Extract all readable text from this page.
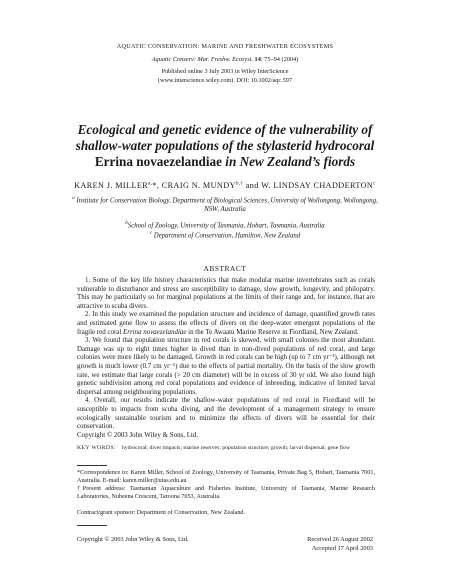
AQUATIC CONSERVATION: MARINE AND FRESHWATER ECOSYSTEMS
Aquatic Conserv: Mar. Freshw. Ecosyst. 14: 75–94 (2004)
Published online 3 July 2003 in Wiley InterScience
(www.interscience.wiley.com). DOI: 10.1002/aqc.597
Ecological and genetic evidence of the vulnerability of
shallow-water populations of the stylasterid hydrocoral
Errina novaezelandiae in New Zealand’s fiords
KAREN J. $MILLER^{a,}*$, CRAIG N. $MUNDY^{b,\dagger}$ and W. LINDSAY CHADDERTON$^c$
$^a$ Institute for Conservation Biology, Department of Biological Sciences, University of Wollongong, Wollongong,
NSW, Australia
$^b$School of Zoology, University of Tasmania, Hobart, Tasmania, Australia
$^c$ Department of Conservation, Hamilton, New Zealand
ABSTRACT

1. Some of the key life history characteristics that make modular marine invertebrates such as corals vulnerable to disturbance and stress are susceptibility to damage, slow growth, longevity, and philopatry. This may be particularly so for marginal populations at the limits of their range and, for instance, that are attractive to scuba divers.

2. In this study we examined the population structure and incidence of damage, quantified growth rates and estimated gene flow to assess the effects of divers on the deep-water emergent populations of the fragile red coral Errina novaezelandiae in the Te Awaatu Marine Reserve in Fiordland, New Zealand.

3. We found that population structure in red corals is skewed, with small colonies the most abundant. Damage was up to eight times higher in dived than in non-dived populations of red coral, and large colonies were more likely to be damaged. Growth in red corals can be high (up to 7 cm yr⁻¹), although net growth is much lower (0.7 cm yr⁻¹) due to the effects of partial mortality. On the basis of the slow growth rate, we estimate that large corals (> 20 cm diameter) will be in excess of 30 yr old. We also found high genetic subdivision among red coral populations and evidence of inbreeding, indicative of limited larval dispersal among neighbouring populations.

4. Overall, our results indicate the shallow-water populations of red coral in Fiordland will be susceptible to impacts from scuba diving, and the development of a management strategy to ensure ecologically sustainable tourism and to minimize the effects of divers will be essential for their conservation.

Copyright © 2003 John Wiley & Sons, Ltd.

KEY WORDS: hydrocoral; diver impacts; marine reserves; population structure; growth; larval dispersal; gene flow

*Correspondence to: Karen Miller, School of Zoology, University of Tasmania, Private Bag 5, Hobart, Tasmania 7001, Australia. E-mail: karen.miller@utas.edu.au

†Present address: Tasmanian Aquaculture and Fisheries Institute, University of Tasmania, Marine Research Laboratories, Nubeena Crescent, Taroona 7053, Australia.

Contract/grant sponsor: Department of Conservation, New Zealand.
Copyright © 2003 John Wiley & Sons, Ltd.	Received 26 August 2002
Accepted 17 April 2003
